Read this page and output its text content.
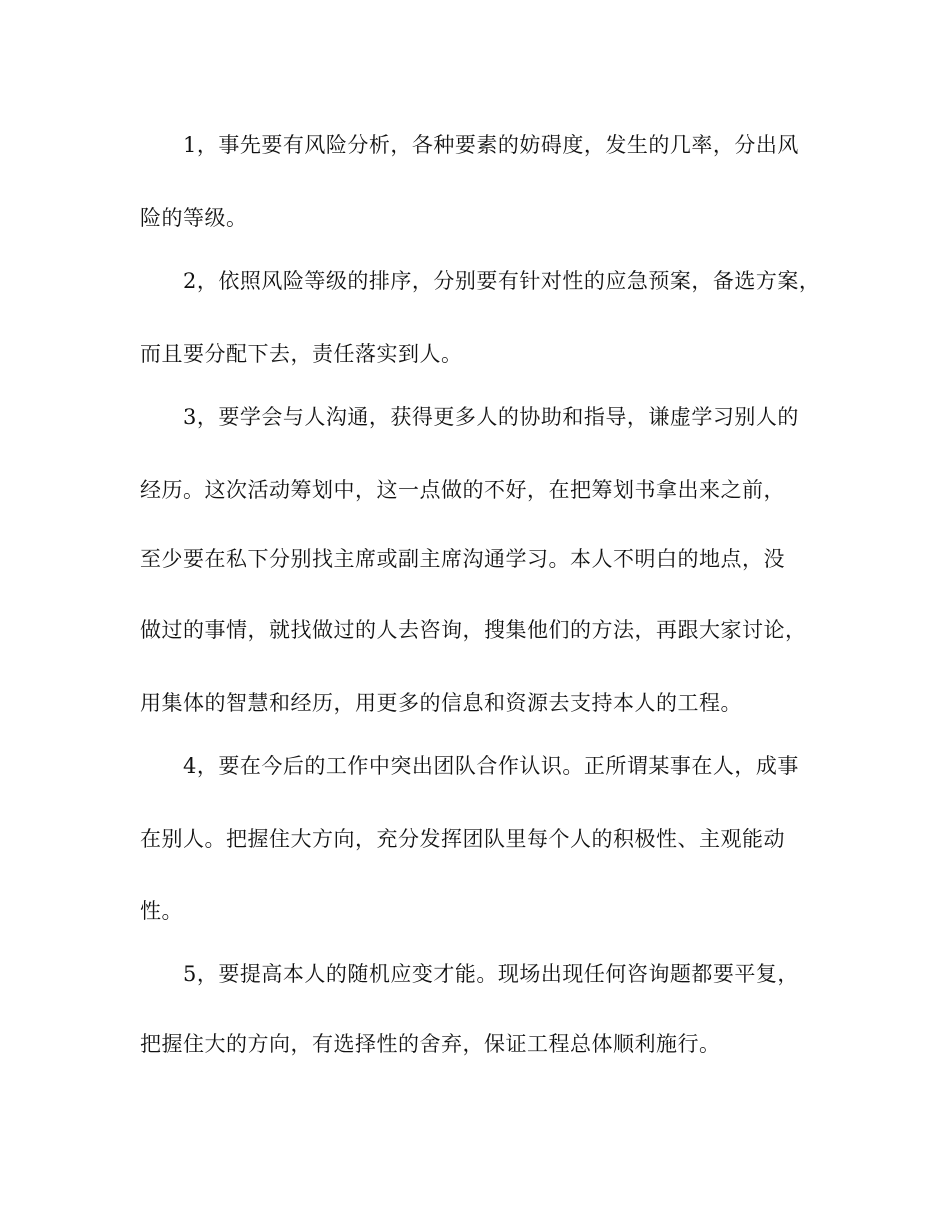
1，事先要有风险分析，各种要素的妨碍度，发生的几率，分出风
险的等级。
2，依照风险等级的排序，分别要有针对性的应急预案，备选方案，
而且要分配下去，责任落实到人。
3，要学会与人沟通，获得更多人的协助和指导，谦虚学习别人的
经历。这次活动筹划中，这一点做的不好，在把筹划书拿出来之前，
至少要在私下分别找主席或副主席沟通学习。本人不明白的地点，没
做过的事情，就找做过的人去咨询，搜集他们的方法，再跟大家讨论，
用集体的智慧和经历，用更多的信息和资源去支持本人的工程。
4，要在今后的工作中突出团队合作认识。正所谓某事在人，成事
在别人。把握住大方向，充分发挥团队里每个人的积极性、主观能动
性。
5，要提高本人的随机应变才能。现场出现任何咨询题都要平复，
把握住大的方向，有选择性的舍弃，保证工程总体顺利施行。
